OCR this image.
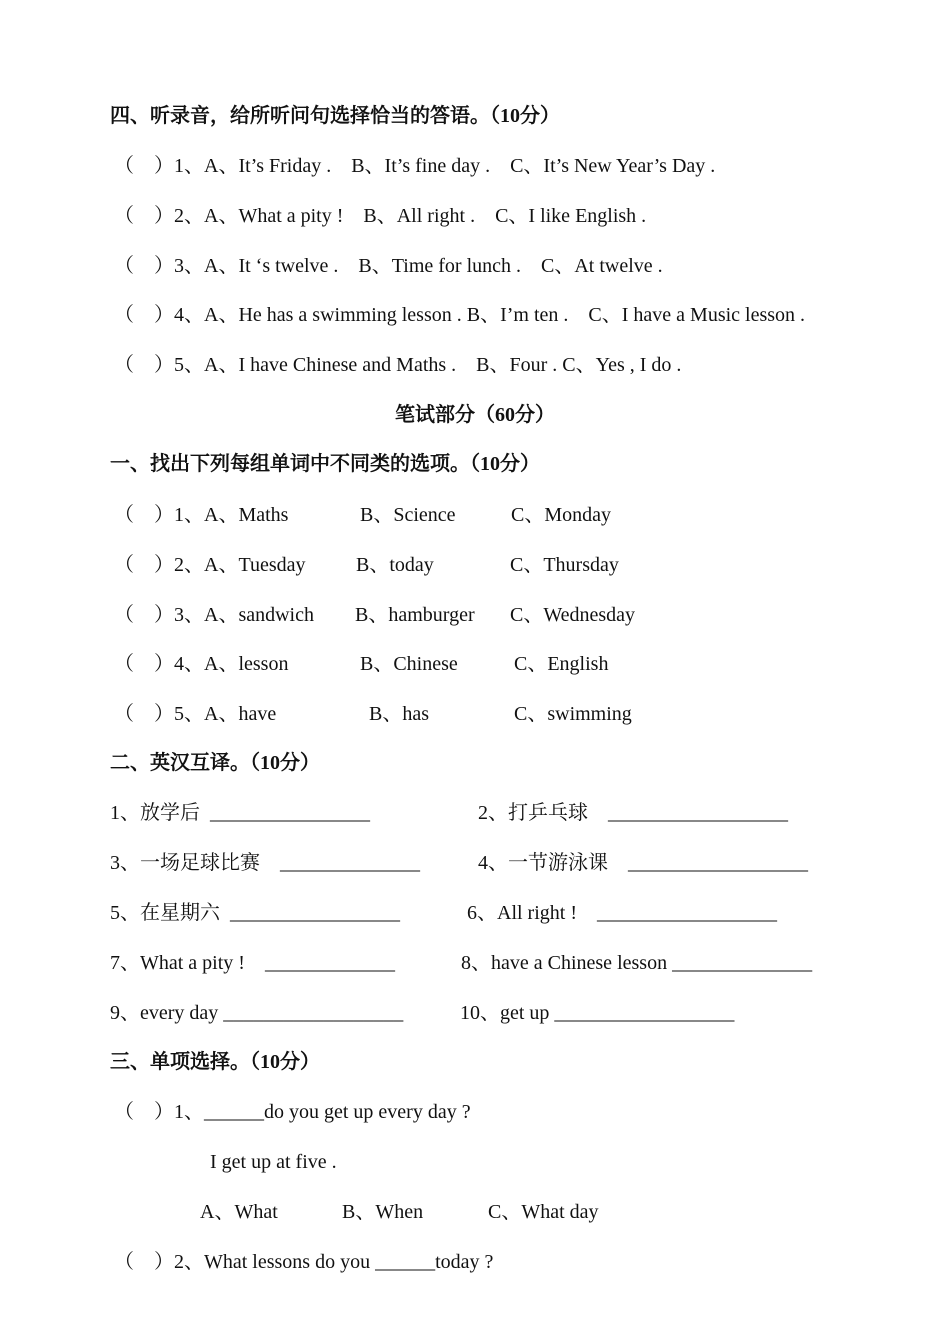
四、听录音，给所听问句选择恰当的答语。（10分）
（    ）1、A、It’s Friday .    B、It’s fine day .    C、It’s New Year’s Day .
（    ）2、A、What a pity !    B、All right .    C、I like English .
（    ）3、A、It ‘s twelve .    B、Time for lunch .    C、At twelve .
（    ）4、A、He has a swimming lesson . B、I’m ten .    C、I have a Music lesson .
（    ）5、A、I have Chinese and Maths .    B、Four . C、Yes , I do .
笔试部分（60分）
一、找出下列每组单词中不同类的选项。（10分）

（    ）1、A、Maths

	B、Science

	C、Monday

（    ）2、A、Tuesday

	B、today

	C、Thursday

（    ）3、A、sandwich

B、hamburger

C、Wednesday

（    ）4、A、lesson

	B、Chinese

	C、English

（    ）5、A、have

	B、has

	C、swimming

二、英汉互译。（10分）

1、放学后  ________________

	2、打乒乓球    __________________

3、一场足球比赛    ______________

	4、一节游泳课    __________________

5、在星期六  _________________

	6、All right !    __________________

7、What a pity !    _____________

	8、have a Chinese lesson ______________

9、every day __________________

	10、get up __________________

三、单项选择。（10分）
（    ）1、______do you get up every day ?
I get up at five .

A、What

	B、When

	C、What day

（    ）2、What lessons do you ______today ?
